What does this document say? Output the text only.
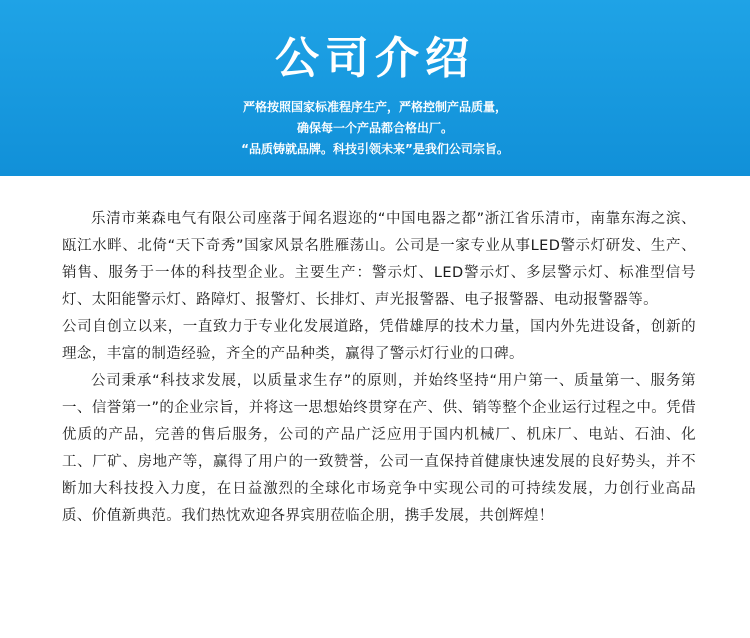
公司介绍
严格按照国家标准程序生产，严格控制产品质量，
确保每一个产品都合格出厂。
“品质铸就品牌。科技引领未来”是我们公司宗旨。

乐清市莱森电气有限公司座落于闻名遐迩的“中国电器之都”浙江省乐清市，南靠东海之滨、瓯江水畔、北倚“天下奇秀”国家风景名胜雁荡山。公司是一家专业从事LED警示灯研发、生产、销售、服务于一体的科技型企业。主要生产：警示灯、LED警示灯、多层警示灯、标准型信号灯、太阳能警示灯、路障灯、报警灯、长排灯、声光报警器、电子报警器、电动报警器等。

公司自创立以来，一直致力于专业化发展道路，凭借雄厚的技术力量，国内外先进设备，创新的理念，丰富的制造经验，齐全的产品种类，赢得了警示灯行业的口碑。

公司秉承“科技求发展，以质量求生存”的原则，并始终坚持“用户第一、质量第一、服务第一、信誉第一”的企业宗旨，并将这一思想始终贯穿在产、供、销等整个企业运行过程之中。凭借优质的产品，完善的售后服务，公司的产品广泛应用于国内机械厂、机床厂、电站、石油、化工、厂矿、房地产等，赢得了用户的一致赞誉，公司一直保持首健康快速发展的良好势头，并不断加大科技投入力度，在日益激烈的全球化市场竞争中实现公司的可持续发展，力创行业高品质、价值新典范。我们热忱欢迎各界宾朋莅临企朋，携手发展，共创辉煌！
